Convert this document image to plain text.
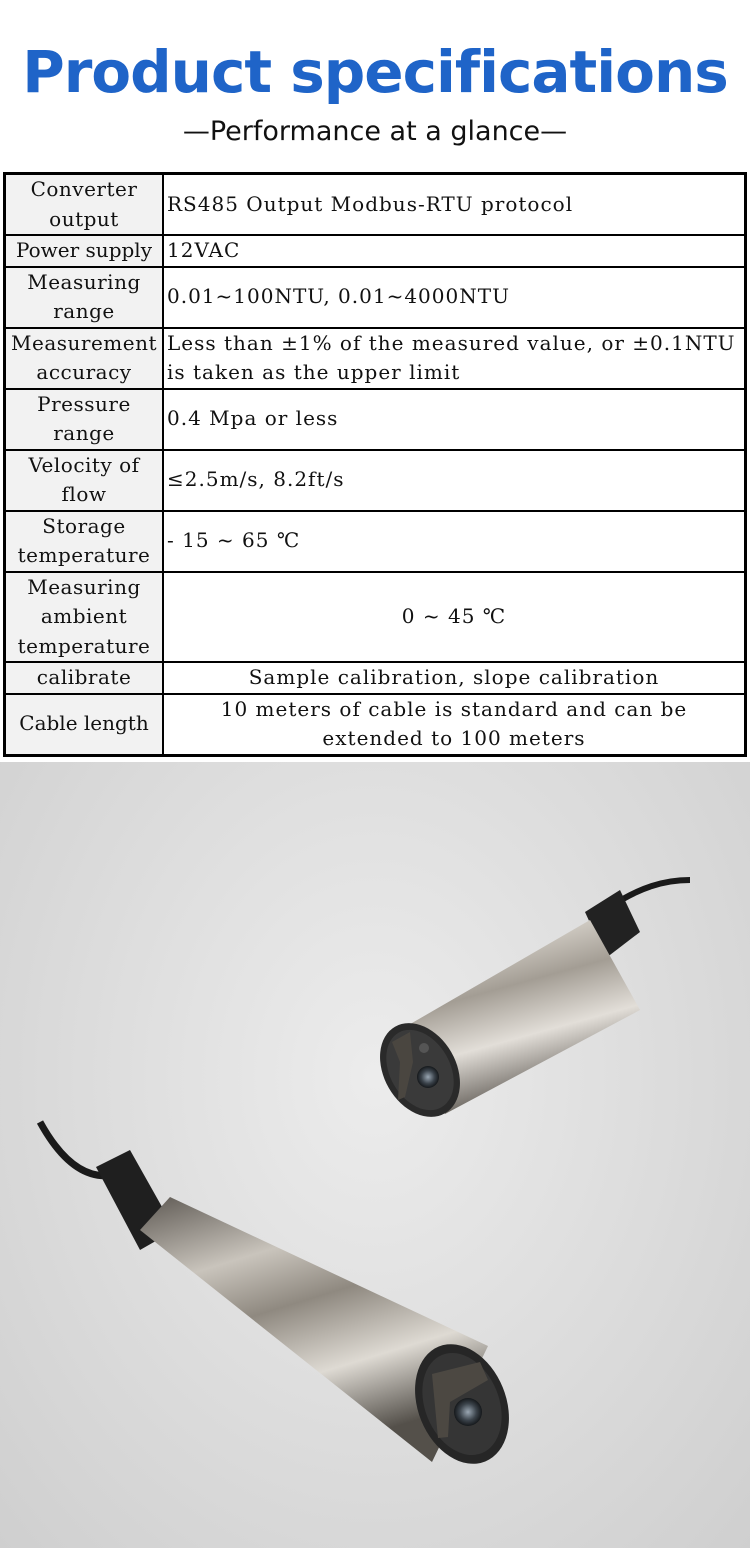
Product specifications
—Performance at a glance—
Converter output	RS485 Output Modbus-RTU protocol
Power supply	12VAC
Measuring range	0.01~100NTU, 0.01~4000NTU
Measurement accuracy	Less than ±1% of the measured value, or ±0.1NTU is taken as the upper limit
Pressure range	0.4 Mpa or less
Velocity of flow	≤2.5m/s, 8.2ft/s
Storage temperature	- 15 ~ 65 ℃
Measuring ambient temperature	0 ~ 45 ℃
calibrate	Sample calibration, slope calibration
Cable length	10 meters of cable is standard and can be extended to 100 meters
